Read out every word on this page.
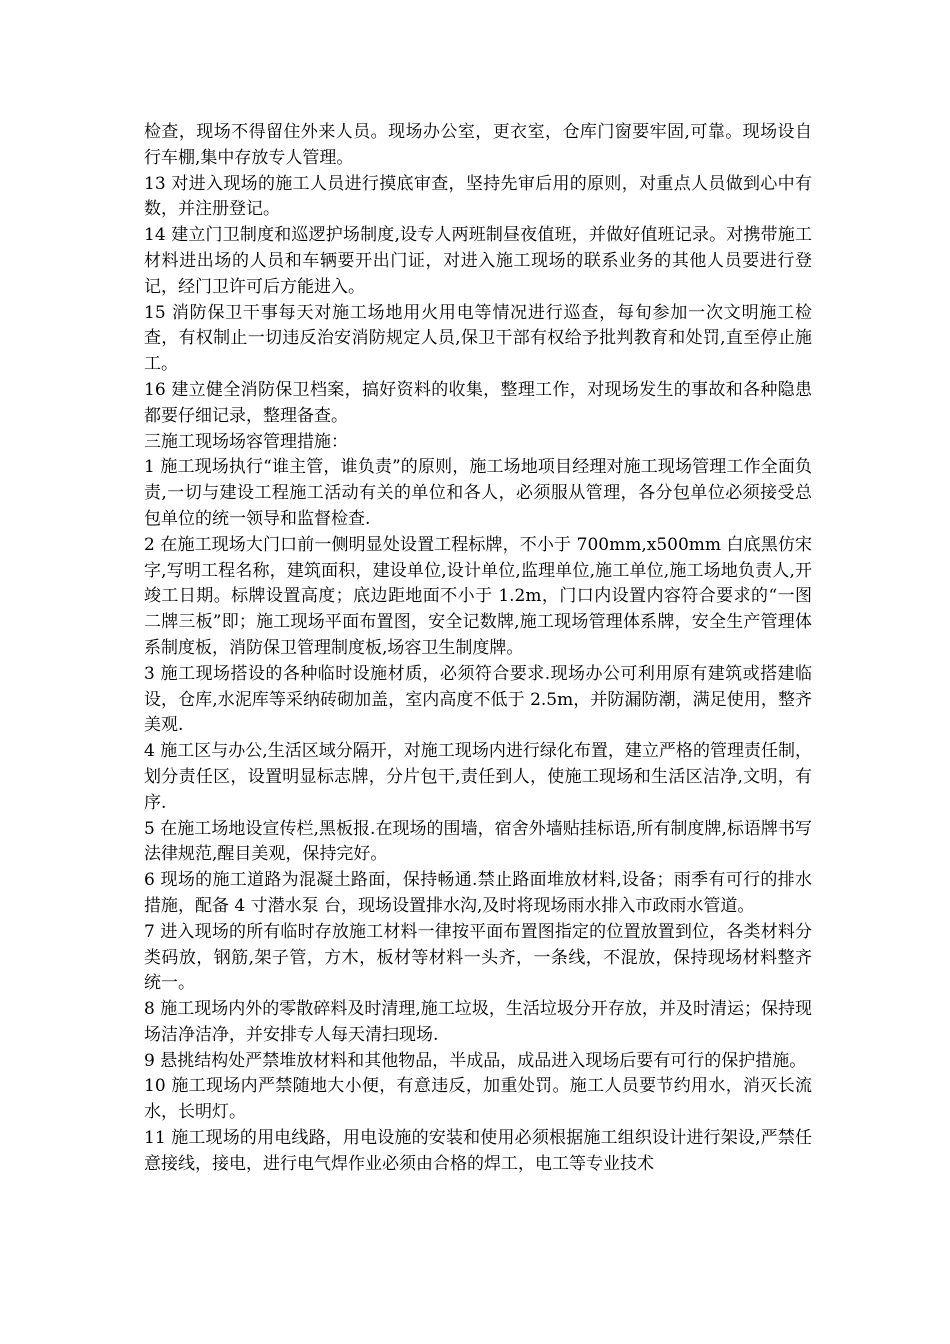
检查，现场不得留住外来人员。现场办公室，更衣室，仓库门窗要牢固,可靠。现场设自行车棚,集中存放专人管理。

13 对进入现场的施工人员进行摸底审查，坚持先审后用的原则，对重点人员做到心中有数，并注册登记。

14 建立门卫制度和巡逻护场制度,设专人两班制昼夜值班，并做好值班记录。对携带施工材料进出场的人员和车辆要开出门证，对进入施工现场的联系业务的其他人员要进行登记，经门卫许可后方能进入。

15 消防保卫干事每天对施工场地用火用电等情况进行巡查，每旬参加一次文明施工检查，有权制止一切违反治安消防规定人员,保卫干部有权给予批判教育和处罚,直至停止施工。

16 建立健全消防保卫档案，搞好资料的收集，整理工作，对现场发生的事故和各种隐患都要仔细记录，整理备查。

三施工现场场容管理措施：

1 施工现场执行“谁主管，谁负责”的原则，施工场地项目经理对施工现场管理工作全面负责,一切与建设工程施工活动有关的单位和各人，必须服从管理，各分包单位必须接受总包单位的统一领导和监督检查.

2 在施工现场大门口前一侧明显处设置工程标牌，不小于 700mm,x500mm 白底黑仿宋字,写明工程名称，建筑面积，建设单位,设计单位,监理单位,施工单位,施工场地负责人,开竣工日期。标牌设置高度；底边距地面不小于 1.2m，门口内设置内容符合要求的“一图二牌三板”即；施工现场平面布置图，安全记数牌,施工现场管理体系牌，安全生产管理体系制度板，消防保卫管理制度板,场容卫生制度牌。

3 施工现场搭设的各种临时设施材质，必须符合要求.现场办公可利用原有建筑或搭建临设，仓库,水泥库等采纳砖砌加盖，室内高度不低于 2.5m，并防漏防潮，满足使用，整齐美观.

4 施工区与办公,生活区域分隔开，对施工现场内进行绿化布置，建立严格的管理责任制，划分责任区，设置明显标志牌，分片包干,责任到人，使施工现场和生活区洁净,文明，有序.

5 在施工场地设宣传栏,黑板报.在现场的围墙，宿舍外墙贴挂标语,所有制度牌,标语牌书写法律规范,醒目美观，保持完好。

6 现场的施工道路为混凝土路面，保持畅通.禁止路面堆放材料,设备；雨季有可行的排水措施，配备 4 寸潜水泵 台，现场设置排水沟,及时将现场雨水排入市政雨水管道。

7 进入现场的所有临时存放施工材料一律按平面布置图指定的位置放置到位，各类材料分类码放，钢筋,架子管，方木，板材等材料一头齐，一条线，不混放，保持现场材料整齐统一。

8 施工现场内外的零散碎料及时清理,施工垃圾，生活垃圾分开存放，并及时清运；保持现场洁净洁净，并安排专人每天清扫现场.

9 悬挑结构处严禁堆放材料和其他物品，半成品，成品进入现场后要有可行的保护措施。

10 施工现场内严禁随地大小便，有意违反，加重处罚。施工人员要节约用水，消灭长流水，长明灯。

11 施工现场的用电线路，用电设施的安装和使用必须根据施工组织设计进行架设,严禁任意接线，接电，进行电气焊作业必须由合格的焊工，电工等专业技术
